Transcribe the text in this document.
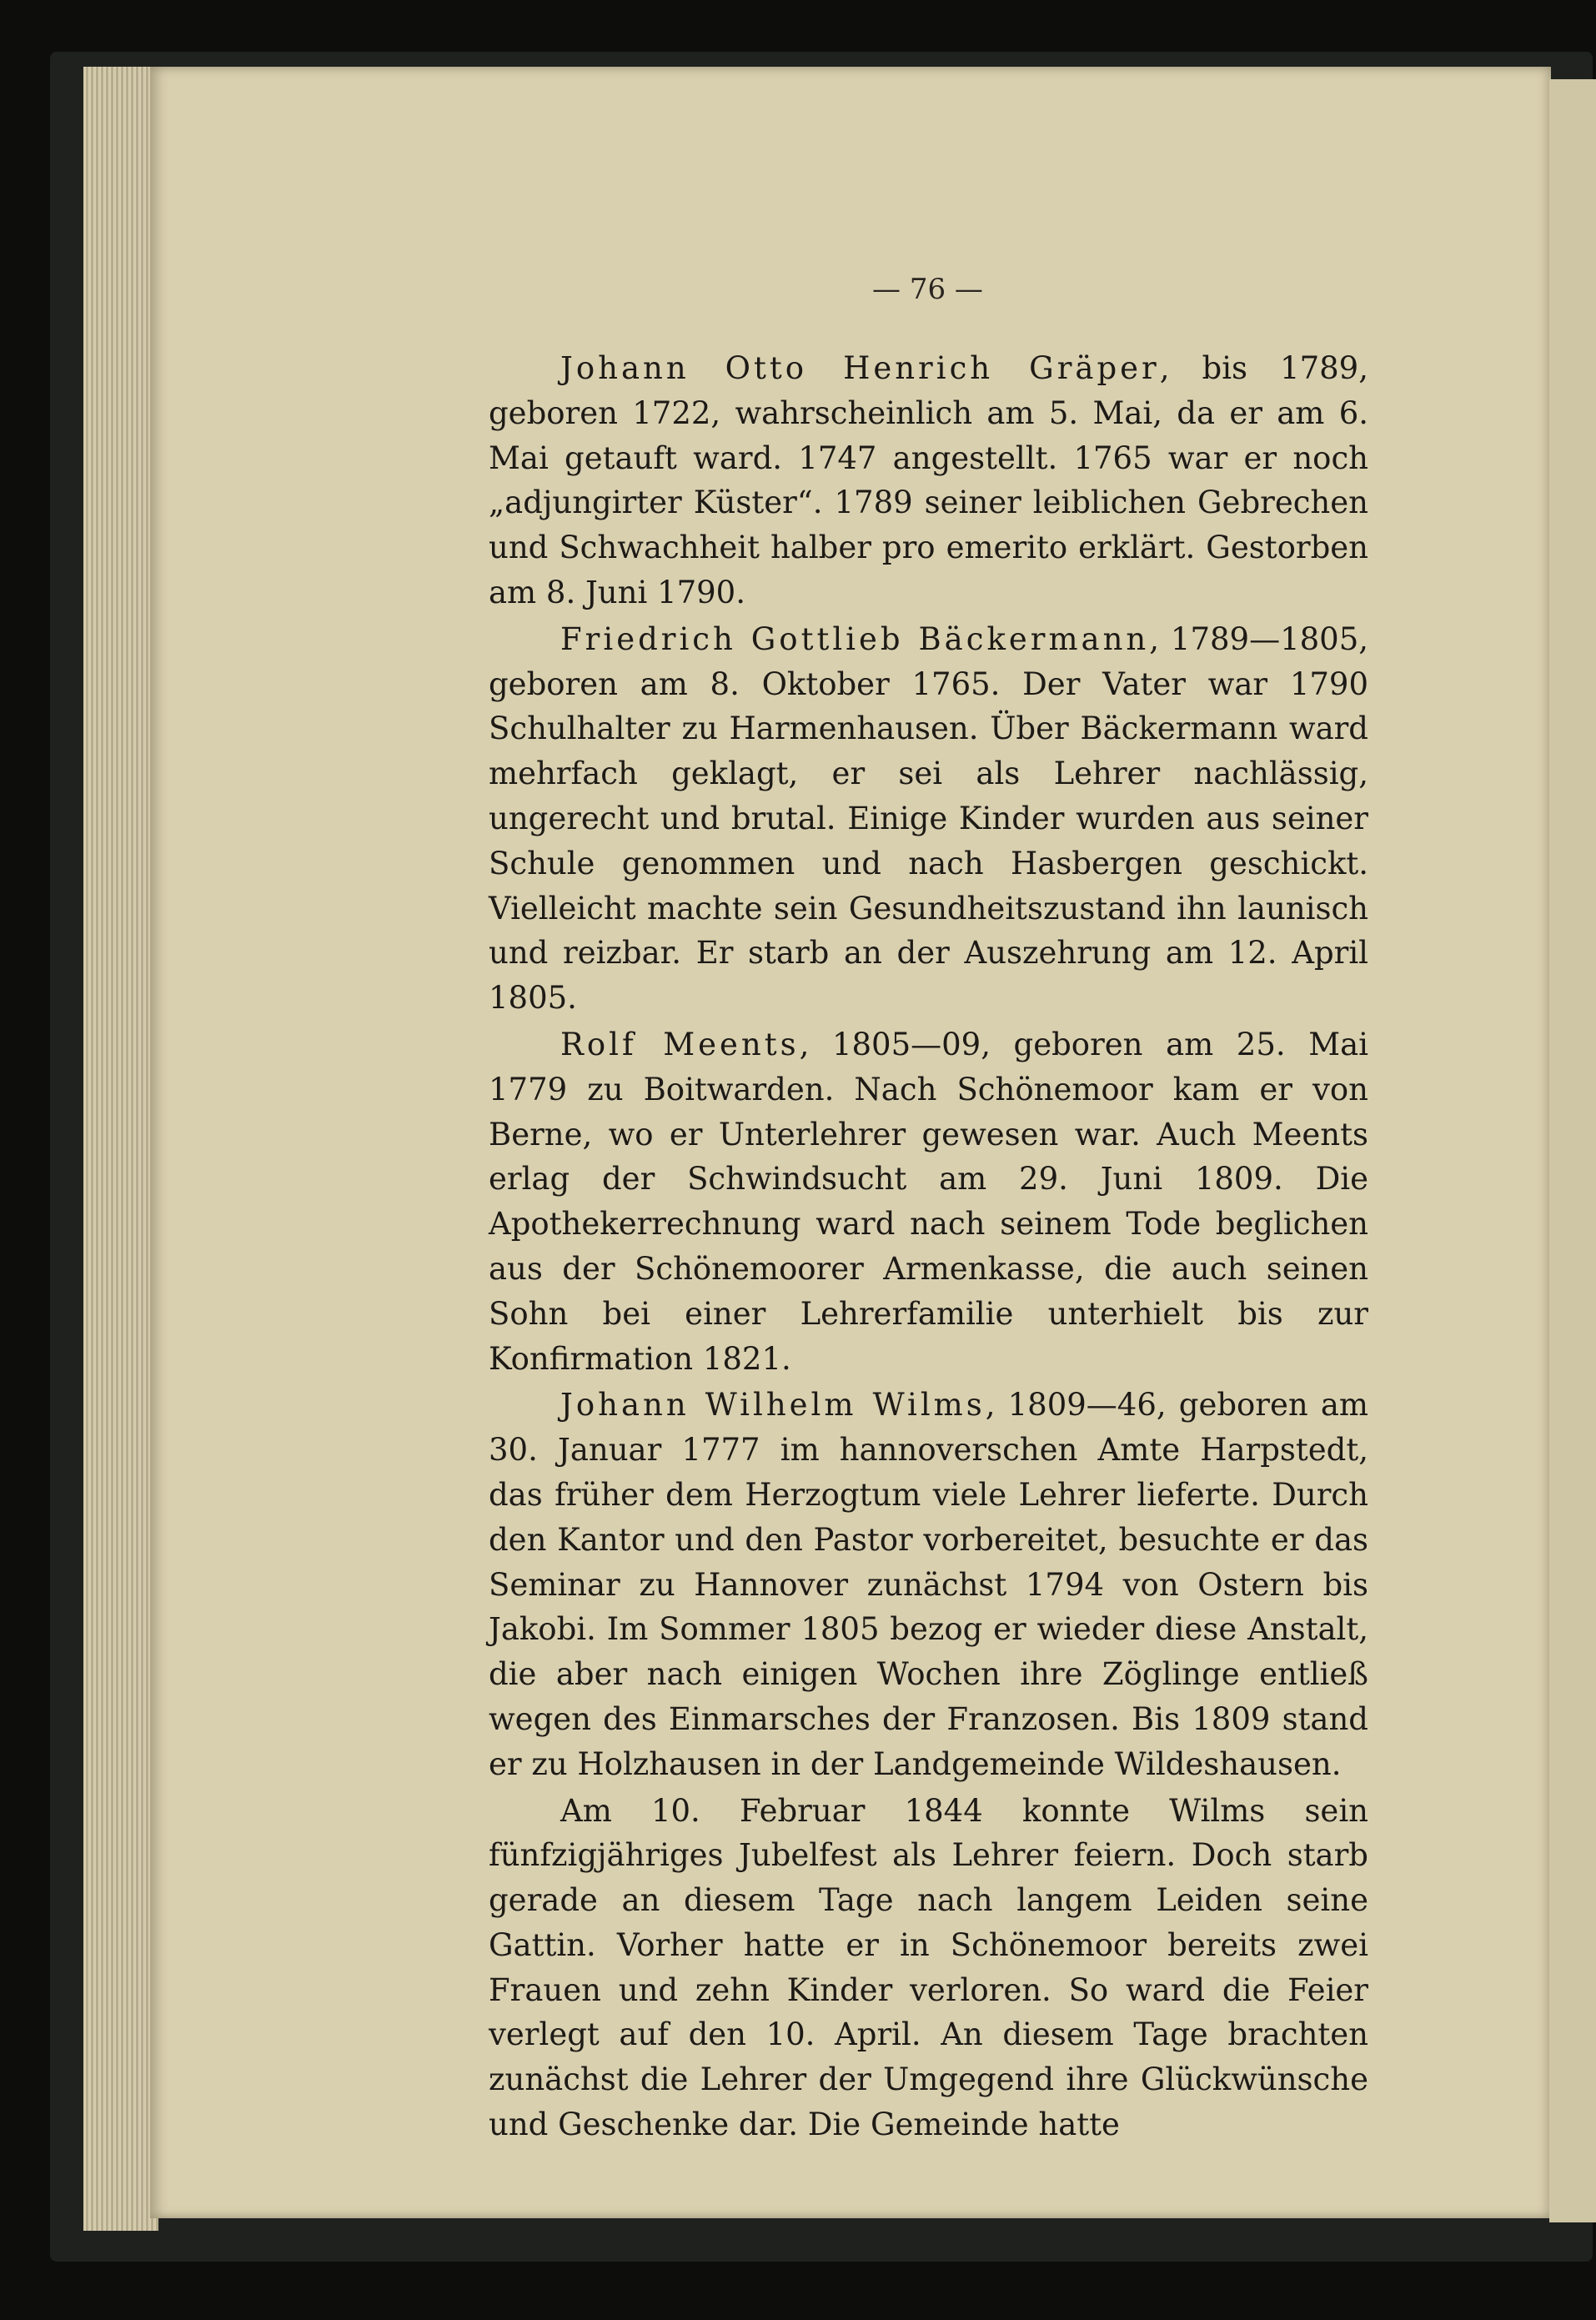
— 76 —

Johann Otto Henrich Gräper, bis 1789, geboren 1722, wahrscheinlich am 5. Mai, da er am 6. Mai getauft ward. 1747 angestellt. 1765 war er noch „adjungirter Küster“. 1789 seiner leiblichen Gebrechen und Schwachheit halber pro emerito erklärt. Gestorben am 8. Juni 1790.

Friedrich Gottlieb Bäckermann, 1789—1805, geboren am 8. Oktober 1765. Der Vater war 1790 Schulhalter zu Harmenhausen. Über Bäckermann ward mehrfach geklagt, er sei als Lehrer nachlässig, ungerecht und brutal. Einige Kinder wurden aus seiner Schule genommen und nach Hasbergen geschickt. Vielleicht machte sein Gesundheitszustand ihn launisch und reizbar. Er starb an der Auszehrung am 12. April 1805.

Rolf Meents, 1805—09, geboren am 25. Mai 1779 zu Boitwarden. Nach Schönemoor kam er von Berne, wo er Unterlehrer gewesen war. Auch Meents erlag der Schwindsucht am 29. Juni 1809. Die Apothekerrechnung ward nach seinem Tode beglichen aus der Schönemoorer Armenkasse, die auch seinen Sohn bei einer Lehrerfamilie unterhielt bis zur Konfirmation 1821.

Johann Wilhelm Wilms, 1809—46, geboren am 30. Januar 1777 im hannoverschen Amte Harpstedt, das früher dem Herzogtum viele Lehrer lieferte. Durch den Kantor und den Pastor vorbereitet, besuchte er das Seminar zu Hannover zunächst 1794 von Ostern bis Jakobi. Im Sommer 1805 bezog er wieder diese Anstalt, die aber nach einigen Wochen ihre Zöglinge entließ wegen des Einmarsches der Franzosen. Bis 1809 stand er zu Holzhausen in der Landgemeinde Wildeshausen.

Am 10. Februar 1844 konnte Wilms sein fünfzigjähriges Jubelfest als Lehrer feiern. Doch starb gerade an diesem Tage nach langem Leiden seine Gattin. Vorher hatte er in Schönemoor bereits zwei Frauen und zehn Kinder verloren. So ward die Feier verlegt auf den 10. April. An diesem Tage brachten zunächst die Lehrer der Umgegend ihre Glückwünsche und Geschenke dar. Die Gemeinde hatte
